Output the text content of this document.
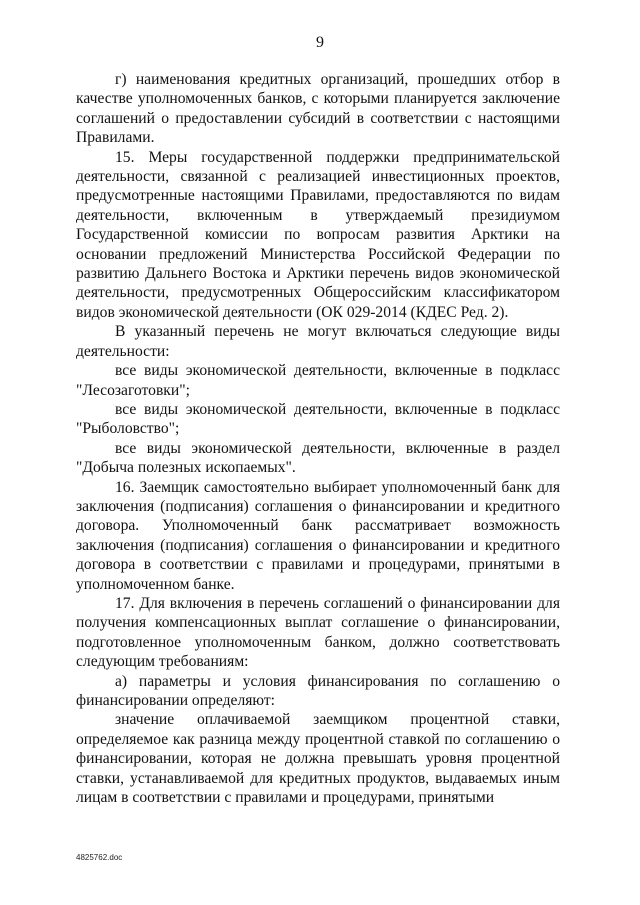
9

г) наименования кредитных организаций, прошедших отбор в качестве уполномоченных банков, с которыми планируется заключение соглашений о предоставлении субсидий в соответствии с настоящими Правилами.

15. Меры государственной поддержки предпринимательской деятельности, связанной с реализацией инвестиционных проектов, предусмотренные настоящими Правилами, предоставляются по видам деятельности, включенным в утверждаемый президиумом Государственной комиссии по вопросам развития Арктики на основании предложений Министерства Российской Федерации по развитию Дальнего Востока и Арктики перечень видов экономической деятельности, предусмотренных Общероссийским классификатором видов экономической деятельности (ОК 029-2014 (КДЕС Ред. 2).

В указанный перечень не могут включаться следующие виды деятельности:

все виды экономической деятельности, включенные в подкласс "Лесозаготовки";

все виды экономической деятельности, включенные в подкласс "Рыболовство";

все виды экономической деятельности, включенные в раздел "Добыча полезных ископаемых".

16. Заемщик самостоятельно выбирает уполномоченный банк для заключения (подписания) соглашения о финансировании и кредитного договора. Уполномоченный банк рассматривает возможность заключения (подписания) соглашения о финансировании и кредитного договора в соответствии с правилами и процедурами, принятыми в уполномоченном банке.

17. Для включения в перечень соглашений о финансировании для получения компенсационных выплат соглашение о финансировании, подготовленное уполномоченным банком, должно соответствовать следующим требованиям:

а) параметры и условия финансирования по соглашению о финансировании определяют:

значение оплачиваемой заемщиком процентной ставки, определяемое как разница между процентной ставкой по соглашению о финансировании, которая не должна превышать уровня процентной ставки, устанавливаемой для кредитных продуктов, выдаваемых иным лицам в соответствии с правилами и процедурами, принятыми

4825762.doc
